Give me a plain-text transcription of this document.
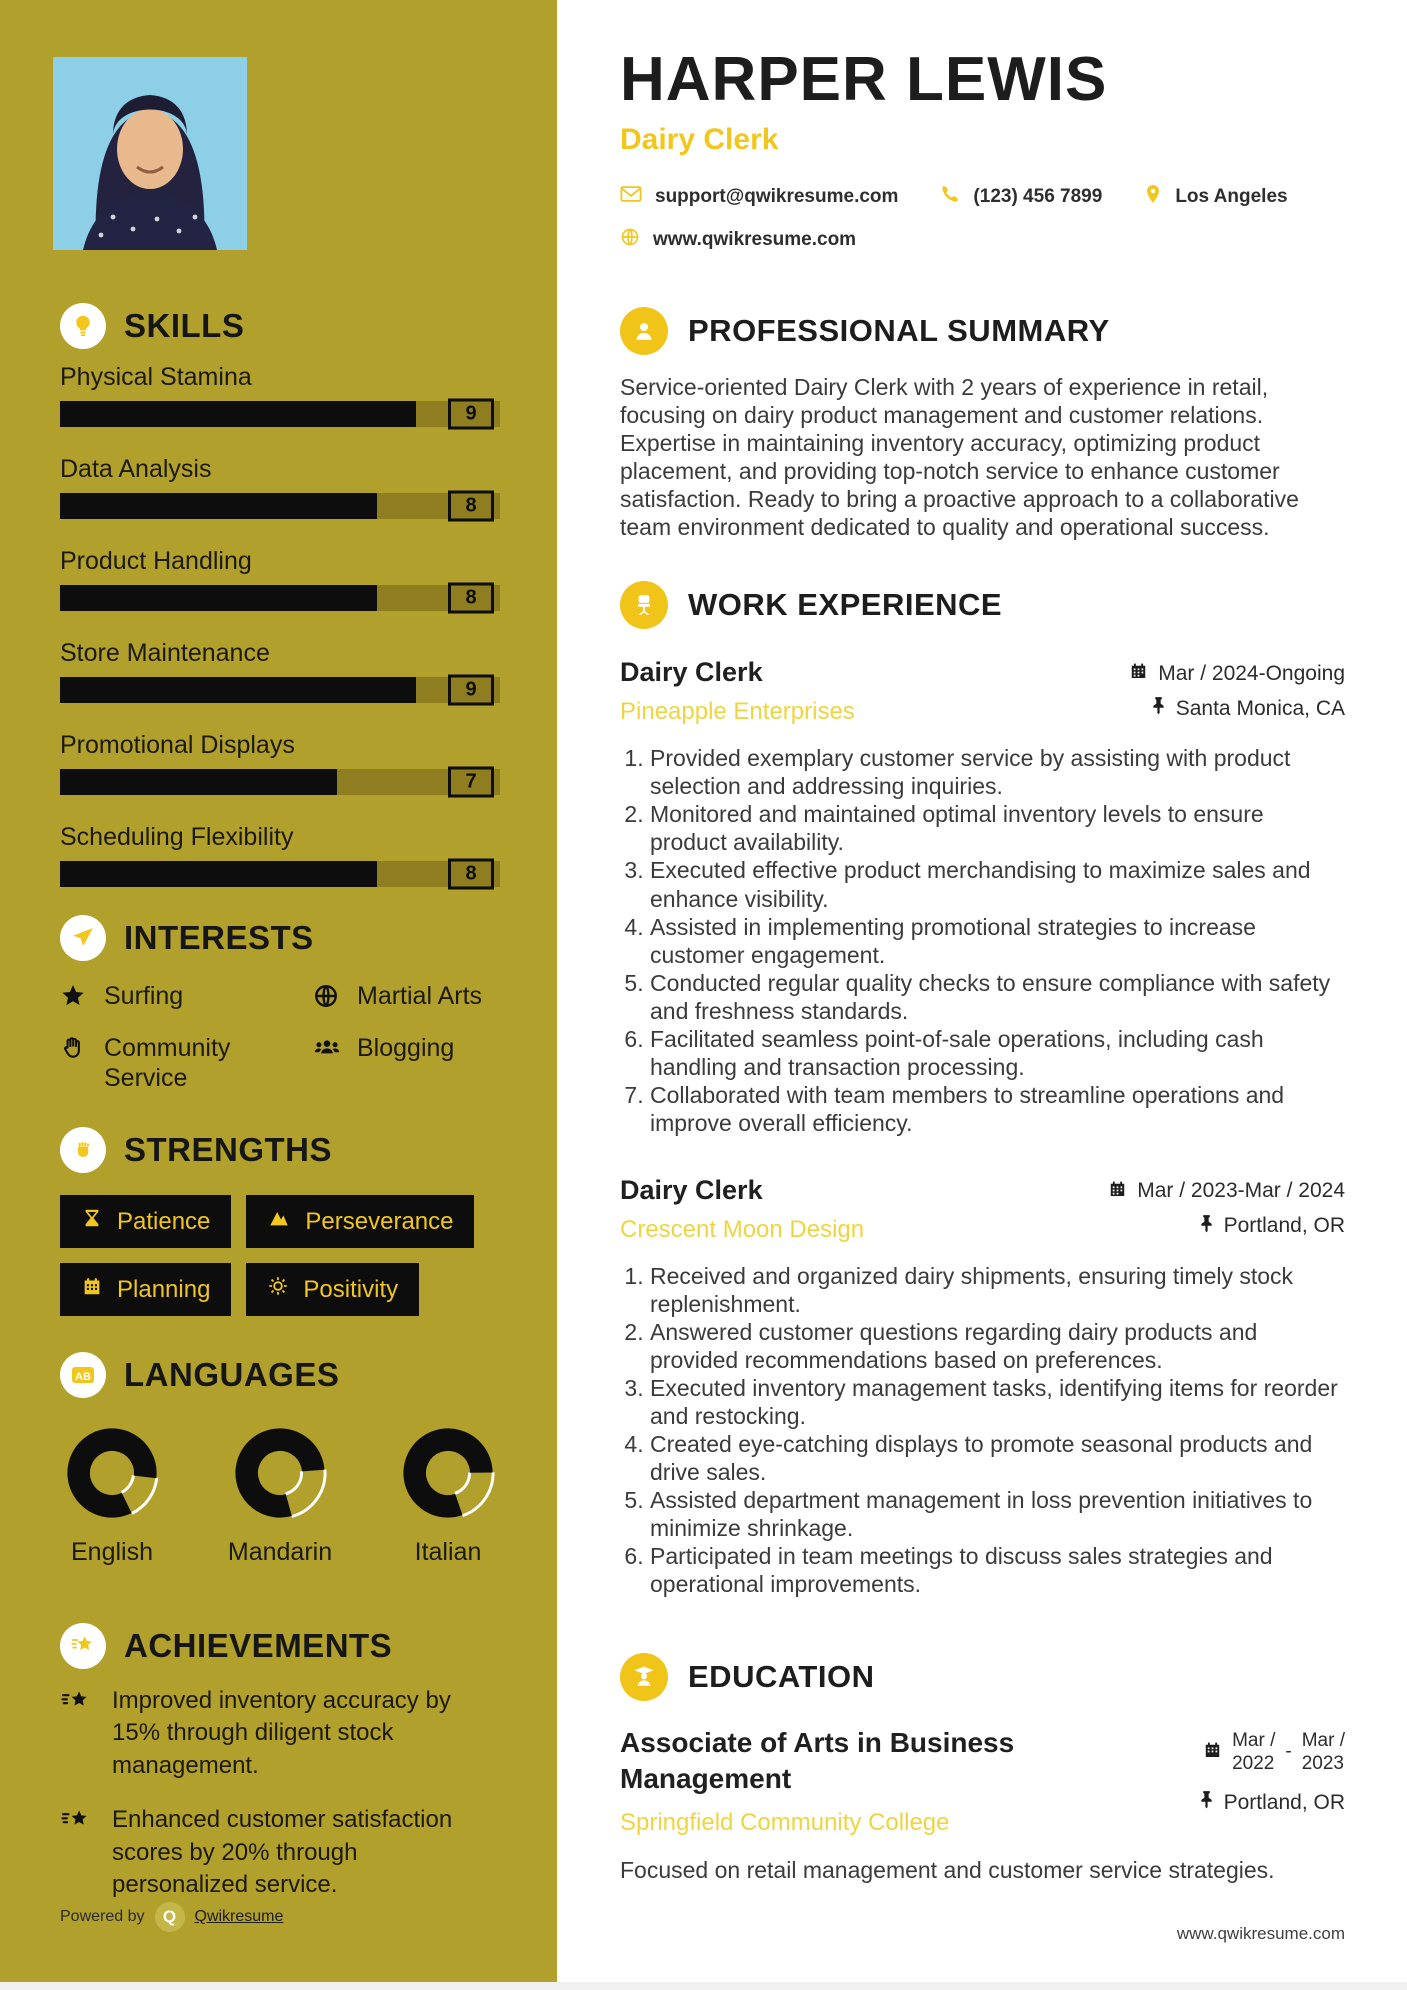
SKILLS
Physical Stamina
9
Data Analysis
8
Product Handling
8
Store Maintenance
9
Promotional Displays
7
Scheduling Flexibility
8
INTERESTS
Surfing	Martial Arts
Community Service
Blogging
STRENGTHS
Patience	Perseverance
Planning	Positivity
AB LANGUAGES
English	Mandarin	Italian
ACHIEVEMENTS
Improved inventory accuracy by 15% through diligent stock management.
Enhanced customer satisfaction scores by 20% through personalized service.
Powered by	Q	Qwikresume
HARPER LEWIS
Dairy Clerk
support@qwikresume.com	(123) 456 7899	Los Angeles
www.qwikresume.com
PROFESSIONAL SUMMARY

Service-oriented Dairy Clerk with 2 years of experience in retail, focusing on dairy product management and customer relations. Expertise in maintaining inventory accuracy, optimizing product placement, and providing top-notch service to enhance customer satisfaction. Ready to bring a proactive approach to a collaborative team environment dedicated to quality and operational success.

WORK EXPERIENCE
Dairy Clerk
Pineapple Enterprises
Mar / 2024-Ongoing
Santa Monica, CA
1. Provided exemplary customer service by assisting with product selection and addressing inquiries.
2. Monitored and maintained optimal inventory levels to ensure product availability.
3. Executed effective product merchandising to maximize sales and enhance visibility.
4. Assisted in implementing promotional strategies to increase customer engagement.
5. Conducted regular quality checks to ensure compliance with safety and freshness standards.
6. Facilitated seamless point-of-sale operations, including cash handling and transaction processing.
7. Collaborated with team members to streamline operations and improve overall efficiency.
Dairy Clerk
Crescent Moon Design
Mar / 2023-Mar / 2024
Portland, OR
1. Received and organized dairy shipments, ensuring timely stock replenishment.
2. Answered customer questions regarding dairy products and provided recommendations based on preferences.
3. Executed inventory management tasks, identifying items for reorder and restocking.
4. Created eye-catching displays to promote seasonal products and drive sales.
5. Assisted department management in loss prevention initiatives to minimize shrinkage.
6. Participated in team meetings to discuss sales strategies and operational improvements.
EDUCATION
Associate of Arts in Business Management
Springfield Community College
Mar /
2022
-
Mar /
2023
Portland, OR
Focused on retail management and customer service strategies.
www.qwikresume.com
